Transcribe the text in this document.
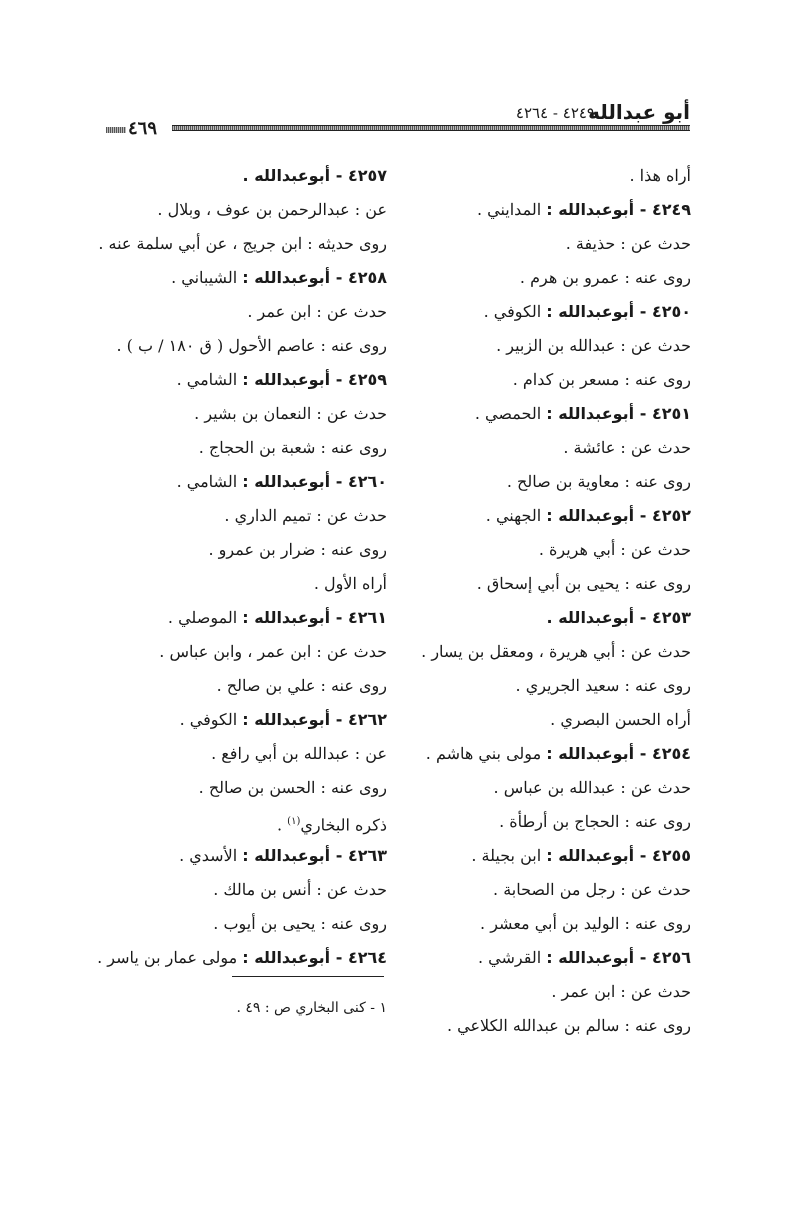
أبو عبدالله
٤٢٤٩ - ٤٢٦٤
٤٦٩
أراه هذا .
٤٢٤٩ - أبوعبدالله : المدايني .
حدث عن : حذيفة .
روى عنه : عمرو بن هرم .
٤٢٥٠ - أبوعبدالله : الكوفي .
حدث عن : عبدالله بن الزبير .
روى عنه : مسعر بن كدام .
٤٢٥١ - أبوعبدالله : الحمصي .
حدث عن : عائشة .
روى عنه : معاوية بن صالح .
٤٢٥٢ - أبوعبدالله : الجهني .
حدث عن : أبي هريرة .
روى عنه : يحيى بن أبي إسحاق .
٤٢٥٣ - أبوعبدالله .
حدث عن : أبي هريرة ، ومعقل بن يسار .
روى عنه : سعيد الجريري .
أراه الحسن البصري .
٤٢٥٤ - أبوعبدالله : مولى بني هاشم .
حدث عن : عبدالله بن عباس .
روى عنه : الحجاج بن أرطأة .
٤٢٥٥ - أبوعبدالله : ابن بجيلة .
حدث عن : رجل من الصحابة .
روى عنه : الوليد بن أبي معشر .
٤٢٥٦ - أبوعبدالله : القرشي .
حدث عن : ابن عمر .
روى عنه : سالم بن عبدالله الكلاعي .
٤٢٥٧ - أبوعبدالله .
عن : عبدالرحمن بن عوف ، وبلال .
روى حديثه : ابن جريج ، عن أبي سلمة عنه .
٤٢٥٨ - أبوعبدالله : الشيباني .
حدث عن : ابن عمر .
روى عنه : عاصم الأحول ( ق ١٨٠ / ب ) .
٤٢٥٩ - أبوعبدالله : الشامي .
حدث عن : النعمان بن بشير .
روى عنه : شعبة بن الحجاج .
٤٢٦٠ - أبوعبدالله : الشامي .
حدث عن : تميم الداري .
روى عنه : ضرار بن عمرو .
أراه الأول .
٤٢٦١ - أبوعبدالله : الموصلي .
حدث عن : ابن عمر ، وابن عباس .
روى عنه : علي بن صالح .
٤٢٦٢ - أبوعبدالله : الكوفي .
عن : عبدالله بن أبي رافع .
روى عنه : الحسن بن صالح .
ذكره البخاري$^{(١)}$ .
٤٢٦٣ - أبوعبدالله : الأسدي .
حدث عن : أنس بن مالك .
روى عنه : يحيى بن أيوب .
٤٢٦٤ - أبوعبدالله : مولى عمار بن ياسر .
١ - كنى البخاري ص : ٤٩ .
